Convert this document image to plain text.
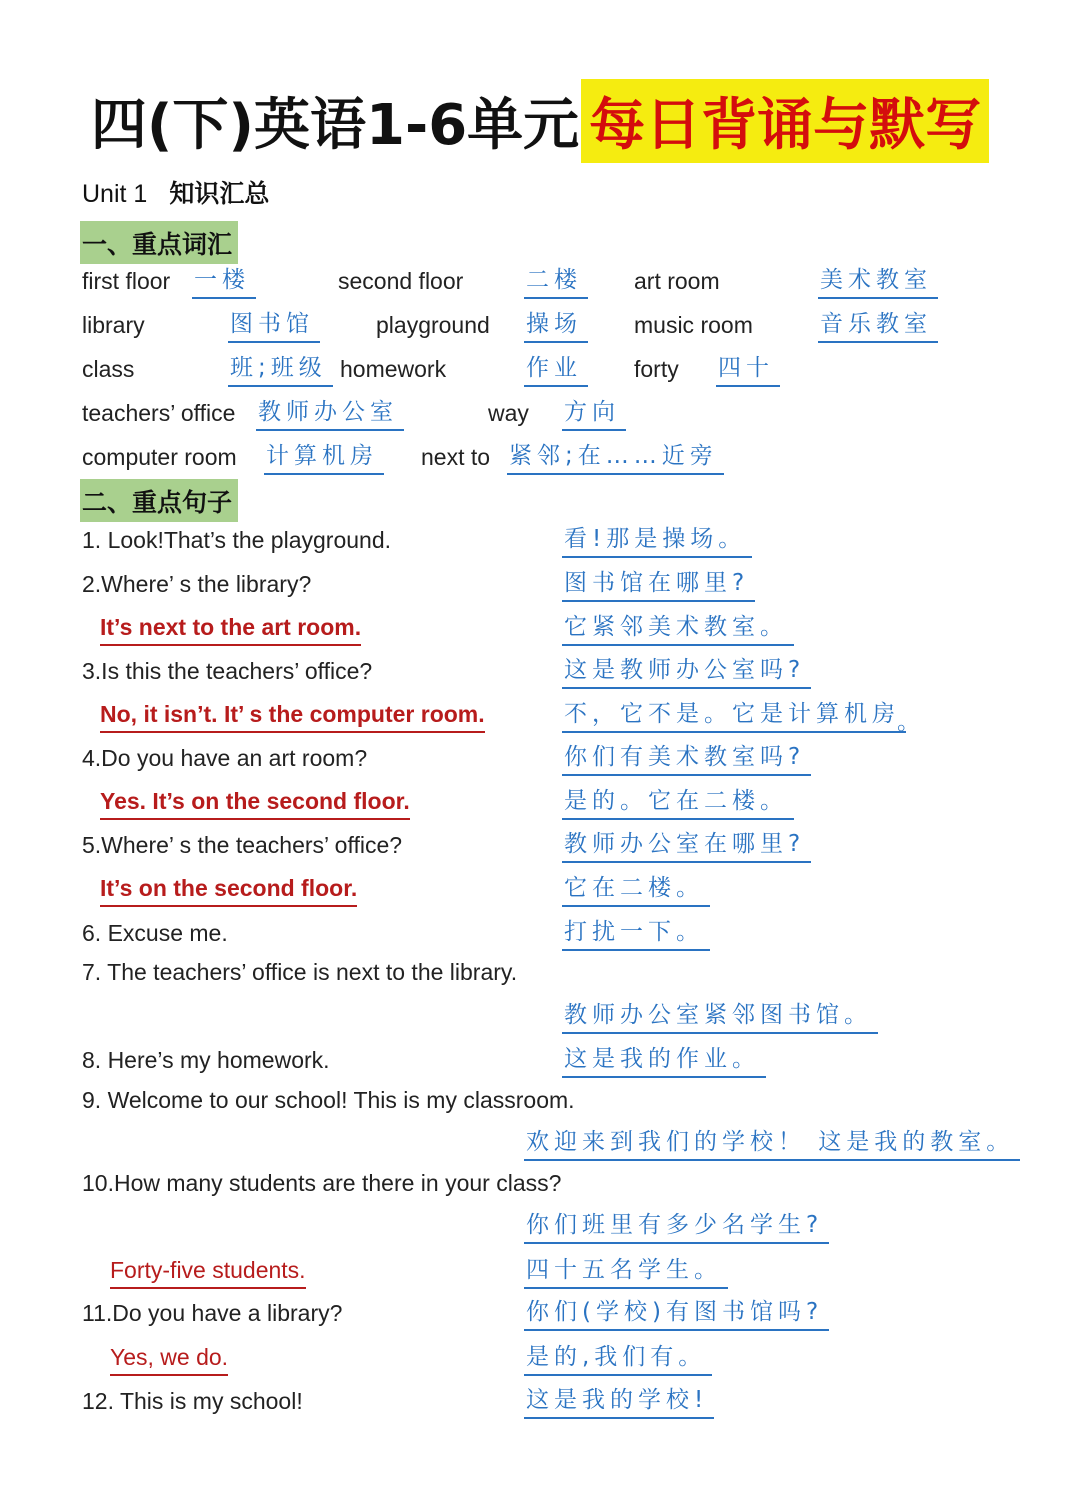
四(下)英语1-6单元 每日背诵与默写
Unit 1 知识汇总
一、重点词汇
first floor 一楼	second floor	二楼 art room	美术教室
library	图书馆	playground 操场 music room	音乐教室
class	班;班级 homework	作业 forty 四十
teachers’ office 教师办公室	way 方向
computer room 计算机房 next to 紧邻;在……近旁
二、重点句子
1. Look!That’s the playground.	看!那是操场。
2.Where’ s the library?	图书馆在哪里?
It’s next to the art room.	它紧邻美术教室。
3.Is this the teachers’ office?	这是教师办公室吗?
No, it isn’t. It’ s the computer room.	不，它不是。它是计算机房
。
4.Do you have an art room?	你们有美术教室吗?
Yes. It’s on the second floor.	是的。它在二楼。
5.Where’ s the teachers’ office?	教师办公室在哪里?
It’s on the second floor.	它在二楼。
6. Excuse me.	打扰一下。
7. The teachers’ office is next to the library.
教师办公室紧邻图书馆。
8. Here’s my homework.	这是我的作业。
9. Welcome to our school! This is my classroom.
欢迎来到我们的学校！ 这是我的教室。
10.How many students are there in your class?
你们班里有多少名学生?
Forty-five students.	四十五名学生。
11.Do you have a library?	你们(学校)有图书馆吗?
Yes, we do.	是的,我们有。
12. This is my school!	这是我的学校!
